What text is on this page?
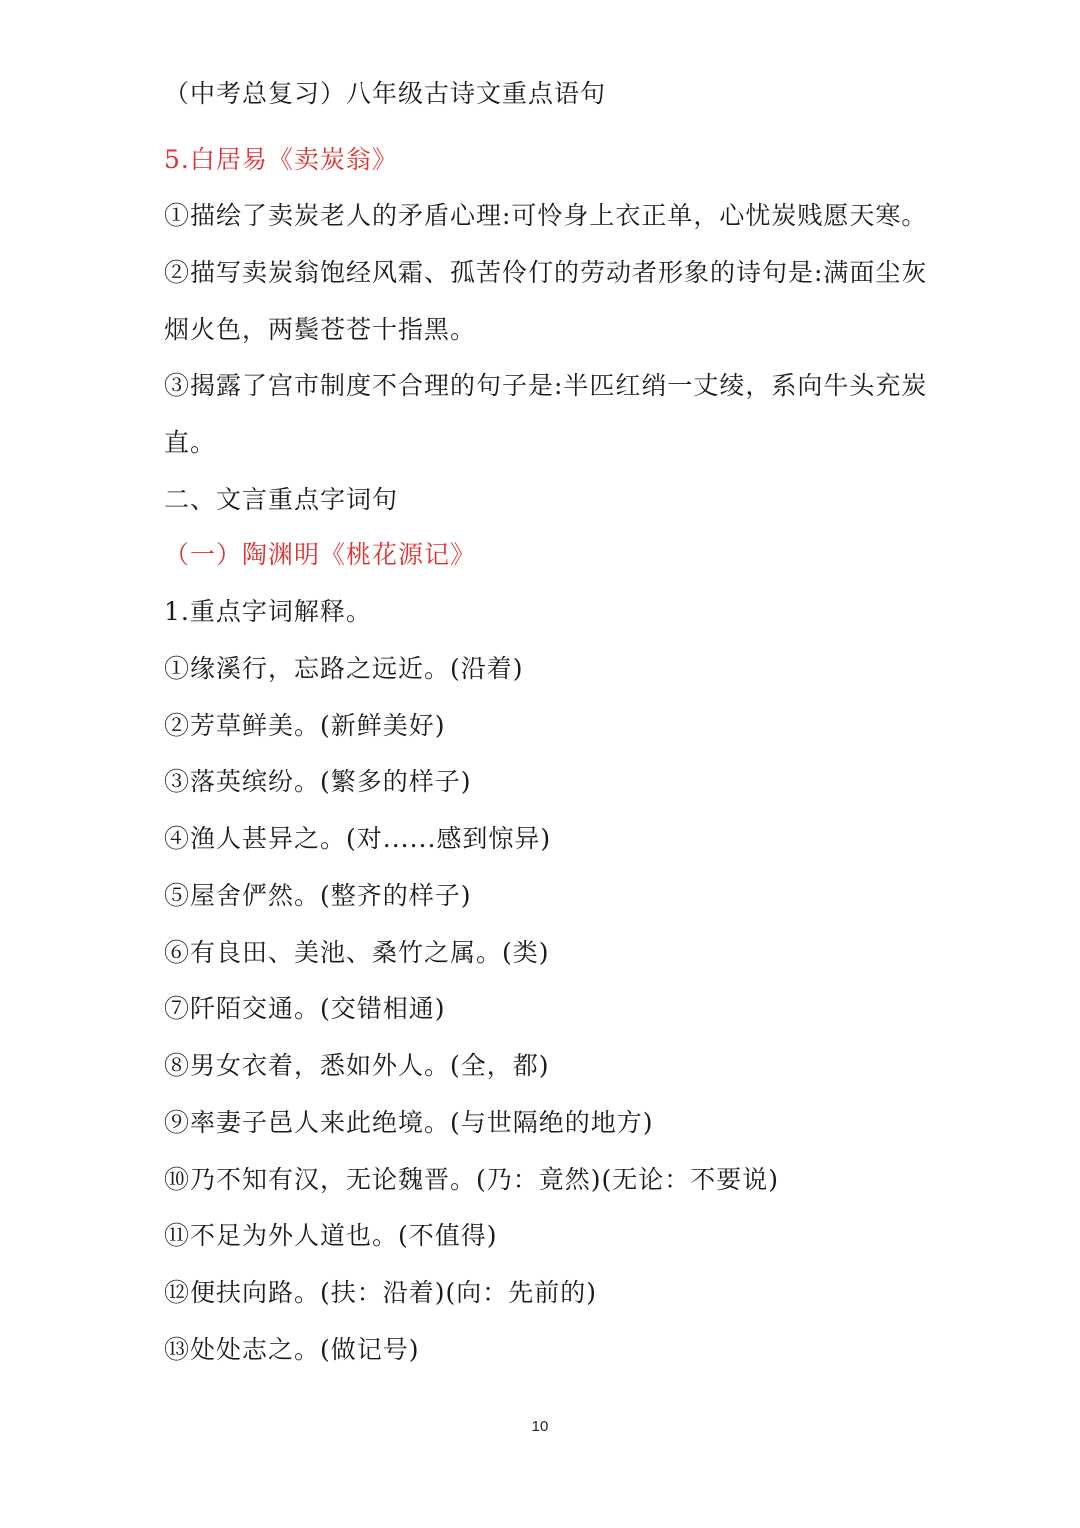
（中考总复习）八年级古诗文重点语句
5.白居易《卖炭翁》
①描绘了卖炭老人的矛盾心理:可怜身上衣正单，心忧炭贱愿天寒。
②描写卖炭翁饱经风霜、孤苦伶仃的劳动者形象的诗句是:满面尘灰
烟火色，两鬓苍苍十指黑。
③揭露了宫市制度不合理的句子是:半匹红绡一丈绫，系向牛头充炭
直。
二、文言重点字词句
（一）陶渊明《桃花源记》
1.重点字词解释。
①缘溪行，忘路之远近。(沿着)
②芳草鲜美。(新鲜美好)
③落英缤纷。(繁多的样子)
④渔人甚异之。(对......感到惊异)
⑤屋舍俨然。(整齐的样子)
⑥有良田、美池、桑竹之属。(类)
⑦阡陌交通。(交错相通)
⑧男女衣着，悉如外人。(全，都)
⑨率妻子邑人来此绝境。(与世隔绝的地方)
⑩乃不知有汉，无论魏晋。(乃：竟然)(无论：不要说)
⑪不足为外人道也。(不值得)
⑫便扶向路。(扶：沿着)(向：先前的)
⑬处处志之。(做记号)
10
